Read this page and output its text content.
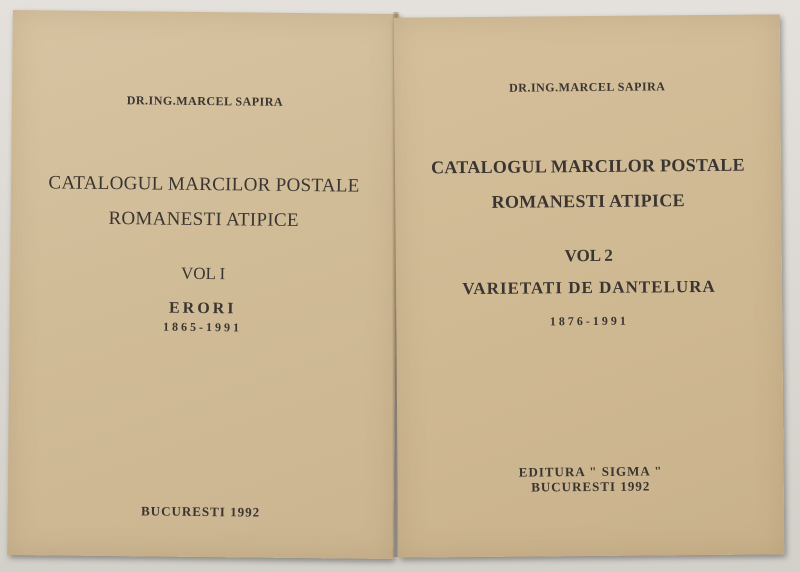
DR.ING.MARCEL SAPIRA
CATALOGUL MARCILOR POSTALE
ROMANESTI ATIPICE
VOL I
ERORI
1865-1991
BUCURESTI 1992
DR.ING.MARCEL SAPIRA
CATALOGUL MARCILOR POSTALE
ROMANESTI ATIPICE
VOL 2
VARIETATI DE DANTELURA
1876-1991
EDITURA " SIGMA "
BUCURESTI 1992
